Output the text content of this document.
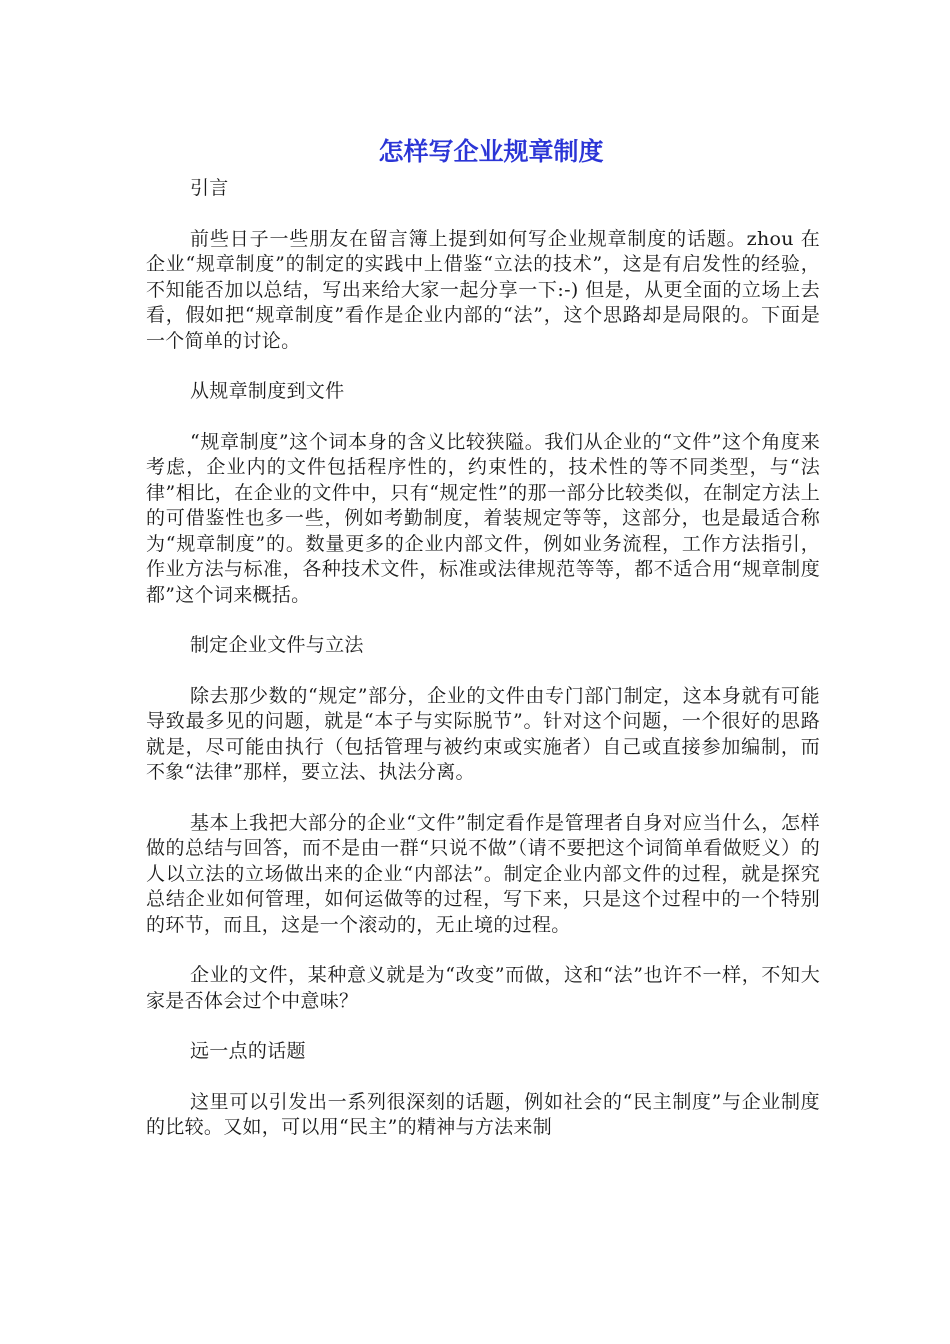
怎样写企业规章制度

引言

前些日子一些朋友在留言簿上提到如何写企业规章制度的话题。zhou 在企业“规章制度”的制定的实践中上借鉴“立法的技术”，这是有启发性的经验，不知能否加以总结，写出来给大家一起分享一下:-) 但是，从更全面的立场上去看，假如把“规章制度”看作是企业内部的“法”，这个思路却是局限的。下面是一个简单的讨论。

从规章制度到文件

“规章制度”这个词本身的含义比较狭隘。我们从企业的“文件”这个角度来考虑，企业内的文件包括程序性的，约束性的，技术性的等不同类型，与“法律”相比，在企业的文件中，只有“规定性”的那一部分比较类似，在制定方法上的可借鉴性也多一些，例如考勤制度，着装规定等等，这部分，也是最适合称为“规章制度”的。数量更多的企业内部文件，例如业务流程，工作方法指引，作业方法与标准，各种技术文件，标准或法律规范等等，都不适合用“规章制度都”这个词来概括。

制定企业文件与立法

除去那少数的“规定”部分，企业的文件由专门部门制定，这本身就有可能导致最多见的问题，就是“本子与实际脱节”。针对这个问题，一个很好的思路就是，尽可能由执行（包括管理与被约束或实施者）自己或直接参加编制，而不象“法律”那样，要立法、执法分离。

基本上我把大部分的企业“文件”制定看作是管理者自身对应当什么，怎样做的总结与回答，而不是由一群“只说不做”（请不要把这个词简单看做贬义）的人以立法的立场做出来的企业“内部法”。制定企业内部文件的过程，就是探究总结企业如何管理，如何运做等的过程，写下来，只是这个过程中的一个特别的环节，而且，这是一个滚动的，无止境的过程。

企业的文件，某种意义就是为“改变”而做，这和“法”也许不一样，不知大家是否体会过个中意味？

远一点的话题

这里可以引发出一系列很深刻的话题，例如社会的“民主制度”与企业制度的比较。又如，可以用“民主”的精神与方法来制
